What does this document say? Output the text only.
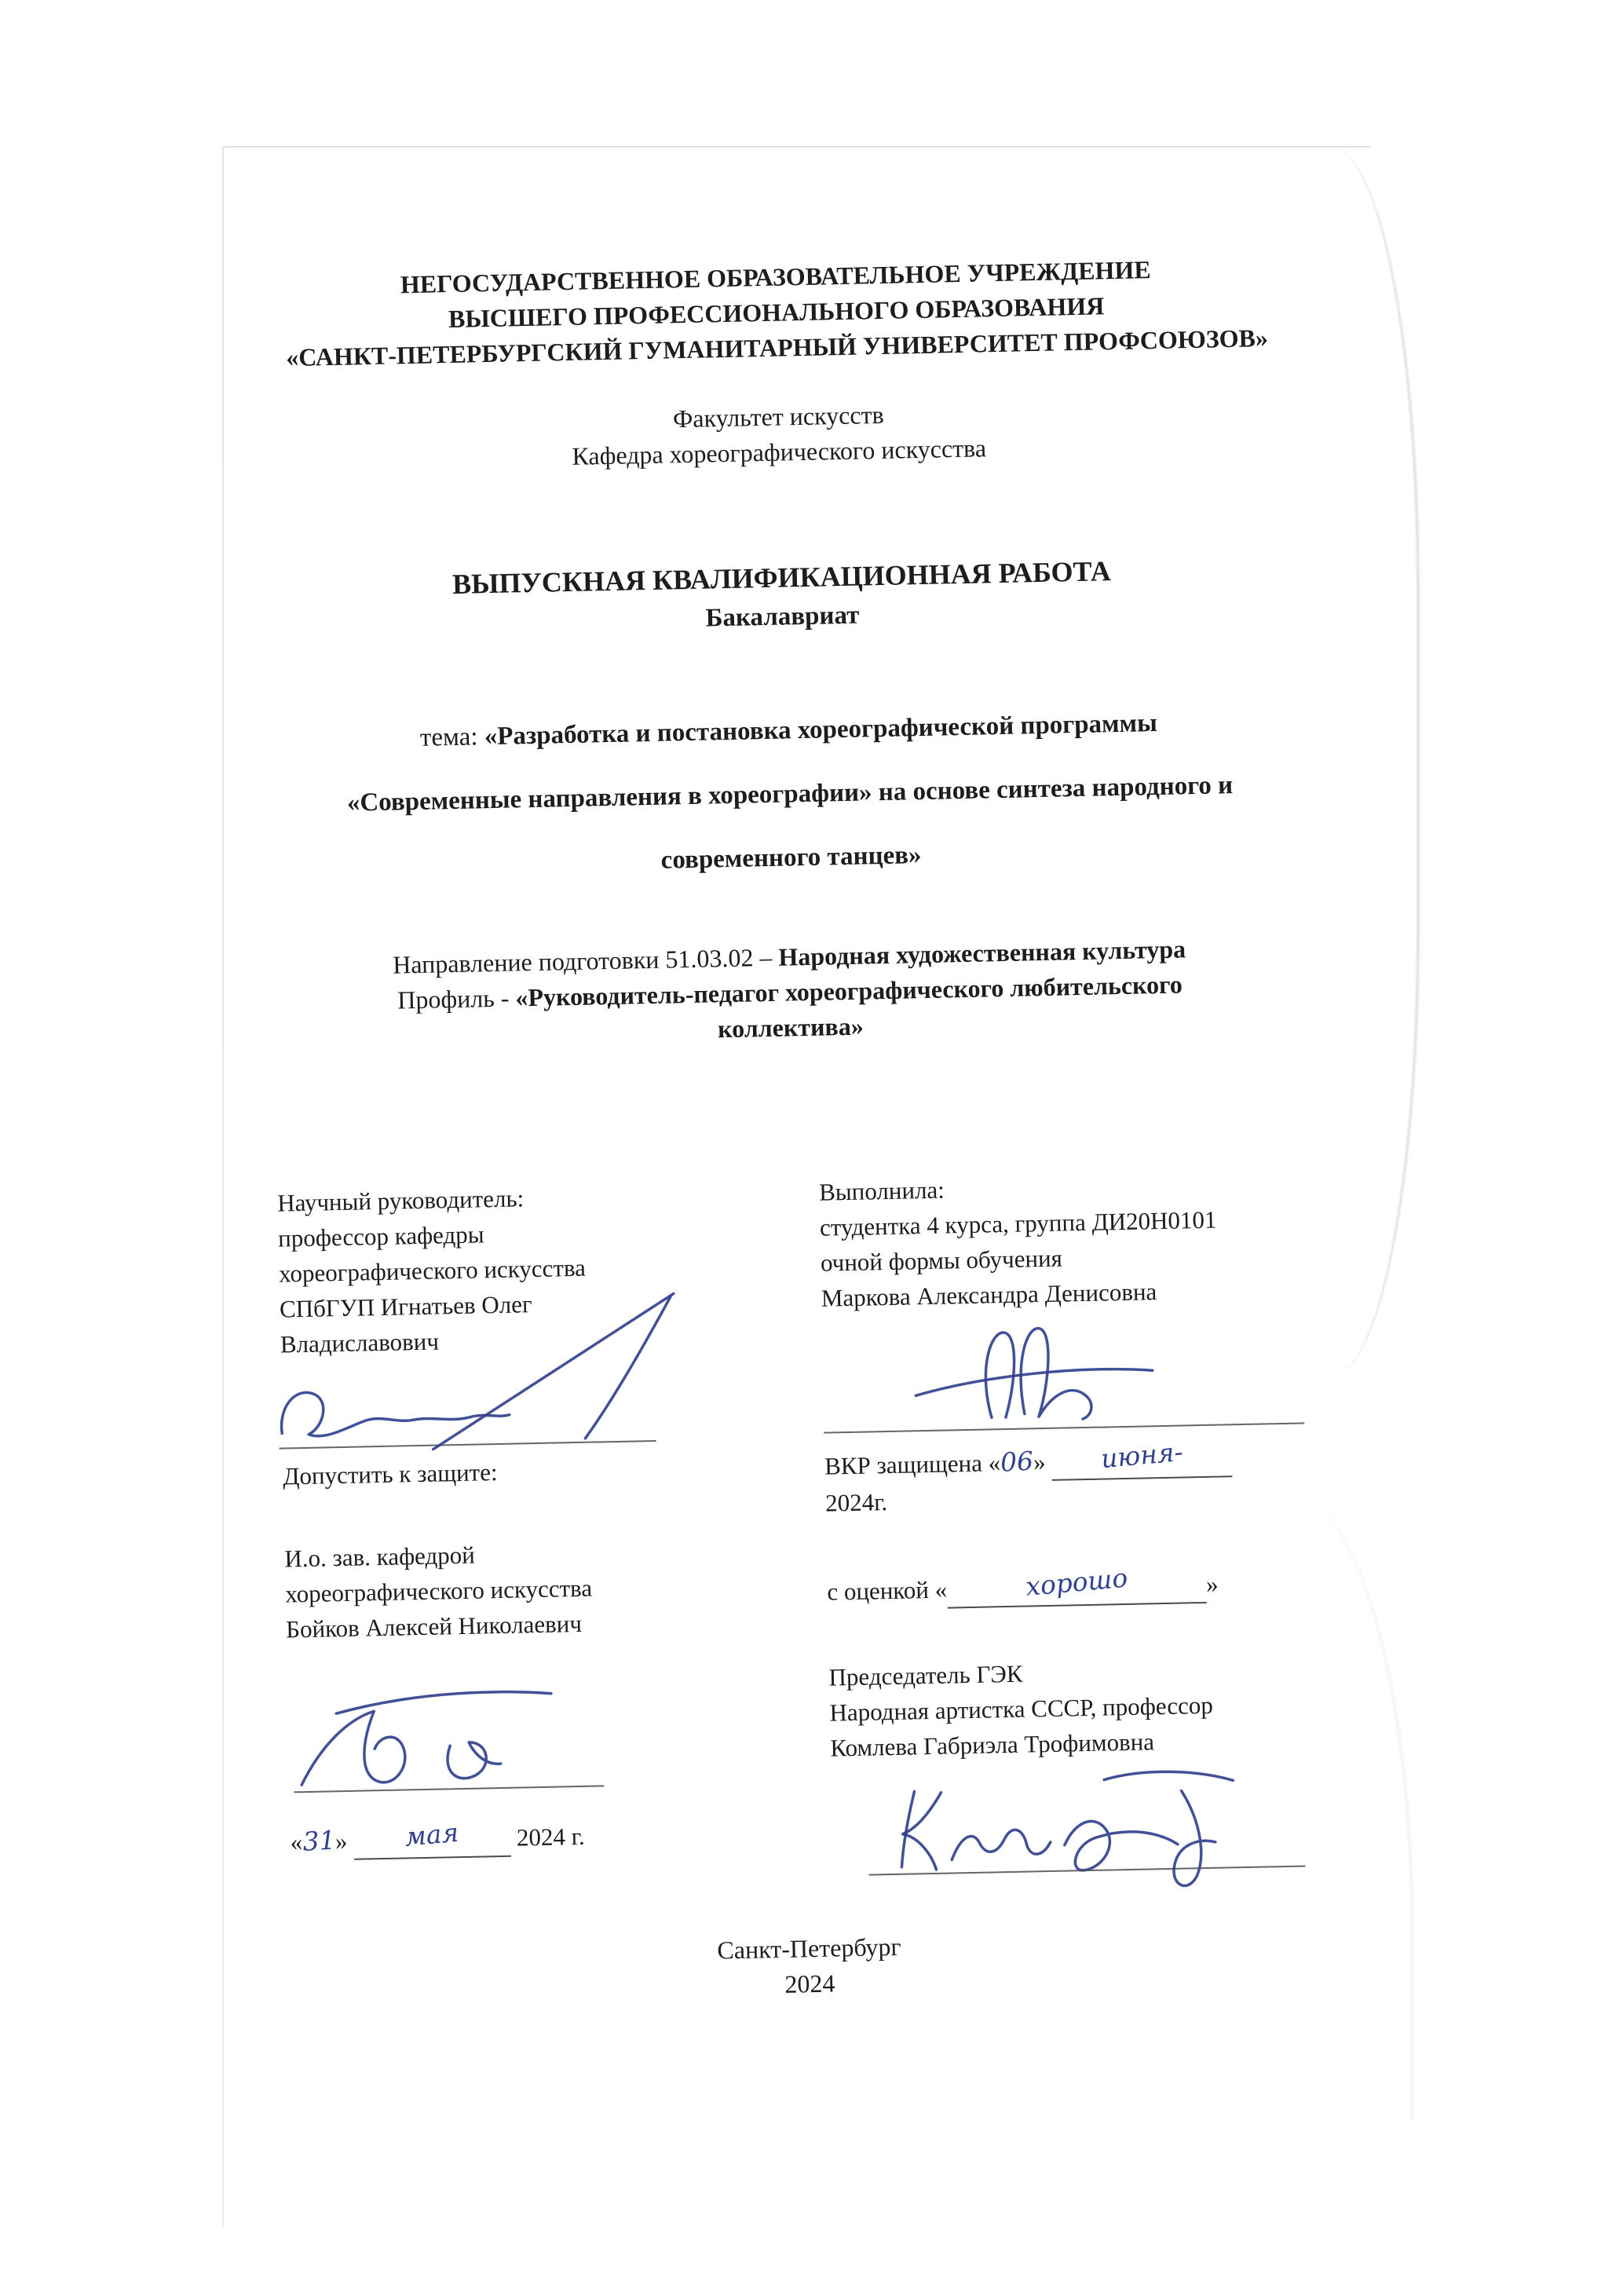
НЕГОСУДАРСТВЕННОЕ ОБРАЗОВАТЕЛЬНОЕ УЧРЕЖДЕНИЕ
ВЫСШЕГО ПРОФЕССИОНАЛЬНОГО ОБРАЗОВАНИЯ
«САНКТ-ПЕТЕРБУРГСКИЙ ГУМАНИТАРНЫЙ УНИВЕРСИТЕТ ПРОФСОЮЗОВ»
Факультет искусств
Кафедра хореографического искусства
ВЫПУСКНАЯ КВАЛИФИКАЦИОННАЯ РАБОТА
Бакалавриат
тема: «Разработка и постановка хореографической программы
«Современные направления в хореографии» на основе синтеза народного и
современного танцев»
Направление подготовки 51.03.02 – Народная художественная культура
Профиль - «Руководитель-педагог хореографического любительского
коллектива»
Научный руководитель:
профессор кафедры
хореографического искусства
СПбГУП Игнатьев Олег
Владиславович
Выполнила:
студентка 4 курса, группа ДИ20Н0101
очной формы обучения
Маркова Александра Денисовна
Допустить к защите:	ВКР защищена «06» июня-
2024г.
И.о. зав. кафедрой
хореографического искусства
Бойков Алексей Николаевич
с оценкой «	хорошо	»
Председатель ГЭК
Народная артистка СССР, профессор
Комлева Габриэла Трофимовна
«31» мая 2024 г.
Санкт-Петербург
2024
